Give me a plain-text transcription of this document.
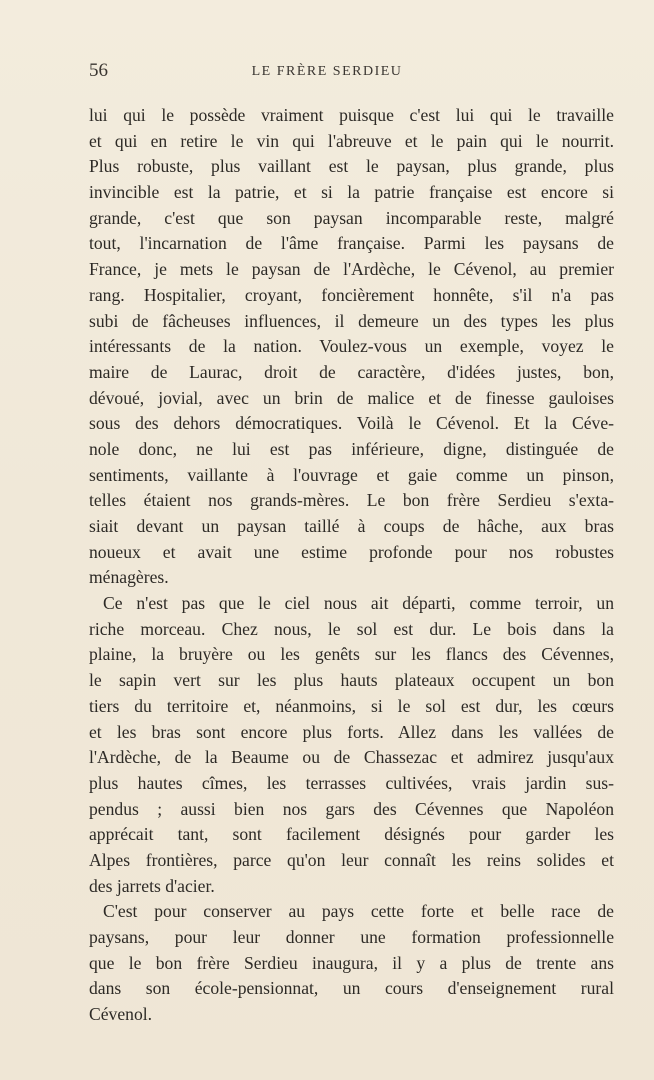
56	LE FRÈRE SERDIEU
lui qui le possède vraiment puisque c'est lui qui le travaille
et qui en retire le vin qui l'abreuve et le pain qui le nourrit.
Plus robuste, plus vaillant est le paysan, plus grande, plus
invincible est la patrie, et si la patrie française est encore si
grande, c'est que son paysan incomparable reste, malgré
tout, l'incarnation de l'âme française. Parmi les paysans de
France, je mets le paysan de l'Ardèche, le Cévenol, au premier
rang. Hospitalier, croyant, foncièrement honnête, s'il n'a pas
subi de fâcheuses influences, il demeure un des types les plus
intéressants de la nation. Voulez-vous un exemple, voyez le
maire de Laurac, droit de caractère, d'idées justes, bon,
dévoué, jovial, avec un brin de malice et de finesse gauloises
sous des dehors démocratiques. Voilà le Cévenol. Et la Céve-
nole donc, ne lui est pas inférieure, digne, distinguée de
sentiments, vaillante à l'ouvrage et gaie comme un pinson,
telles étaient nos grands-mères. Le bon frère Serdieu s'exta-
siait devant un paysan taillé à coups de hâche, aux bras
noueux et avait une estime profonde pour nos robustes
ménagères.
Ce n'est pas que le ciel nous ait départi, comme terroir, un
riche morceau. Chez nous, le sol est dur. Le bois dans la
plaine, la bruyère ou les genêts sur les flancs des Cévennes,
le sapin vert sur les plus hauts plateaux occupent un bon
tiers du territoire et, néanmoins, si le sol est dur, les cœurs
et les bras sont encore plus forts. Allez dans les vallées de
l'Ardèche, de la Beaume ou de Chassezac et admirez jusqu'aux
plus hautes cîmes, les terrasses cultivées, vrais jardin sus-
pendus ; aussi bien nos gars des Cévennes que Napoléon
apprécait tant, sont facilement désignés pour garder les
Alpes frontières, parce qu'on leur connaît les reins solides et
des jarrets d'acier.
C'est pour conserver au pays cette forte et belle race de
paysans, pour leur donner une formation professionnelle
que le bon frère Serdieu inaugura, il y a plus de trente ans
dans son école-pensionnat, un cours d'enseignement rural
Cévenol.
